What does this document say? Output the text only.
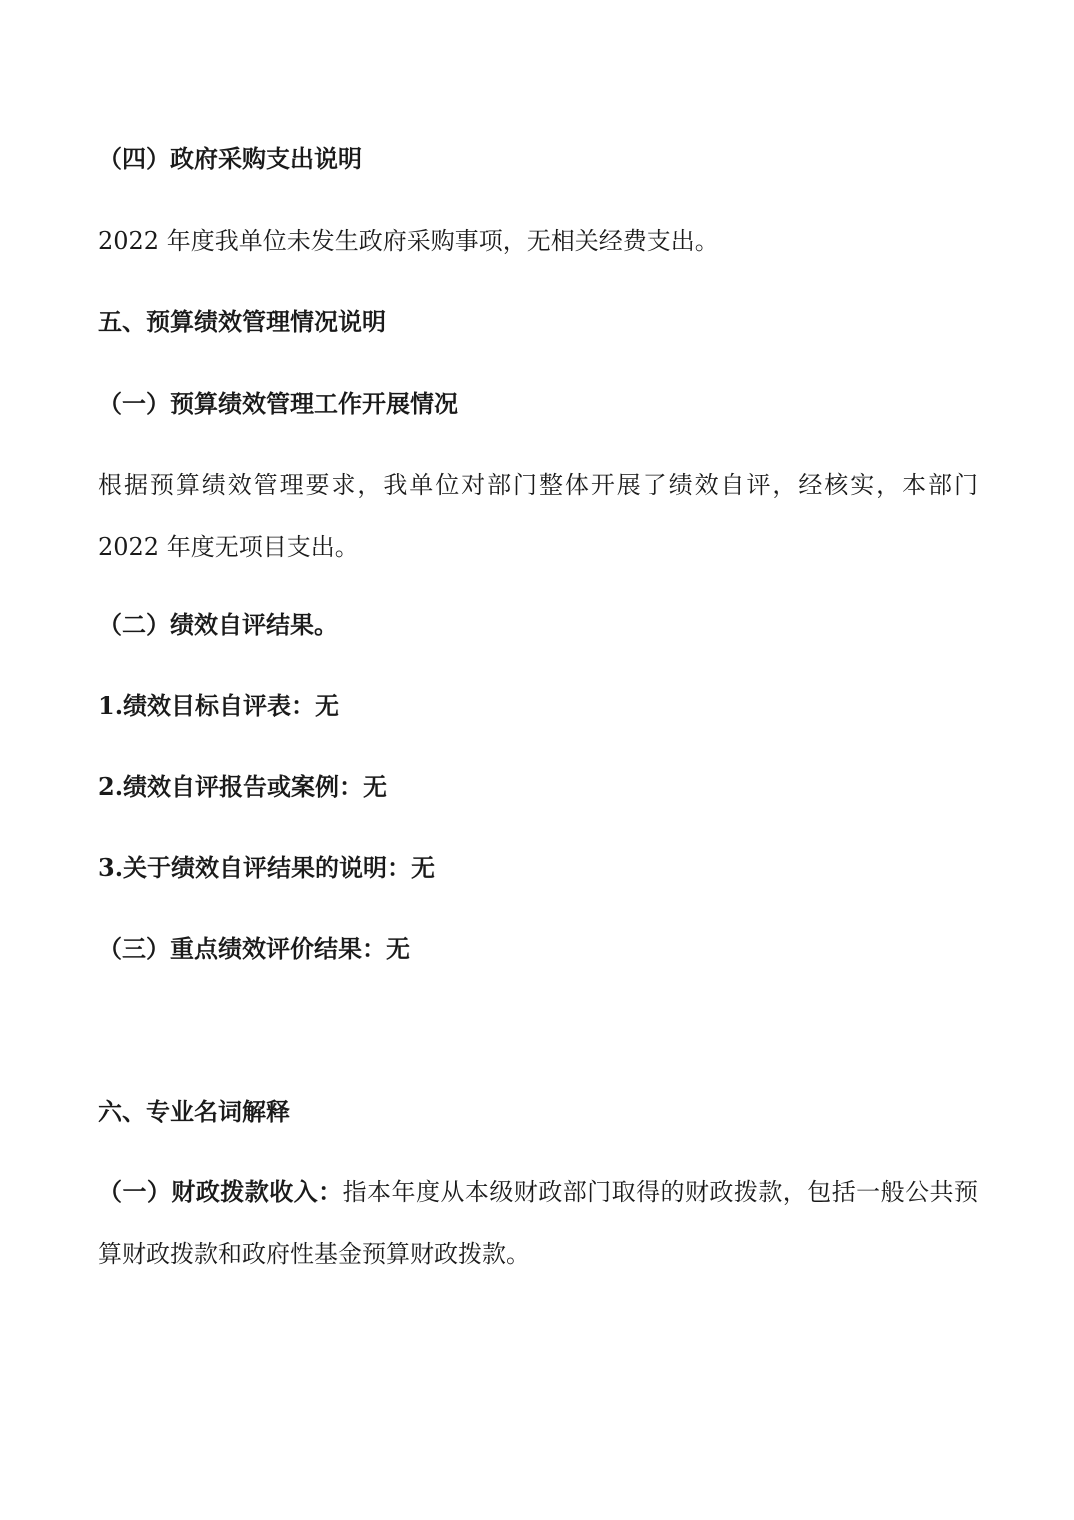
（四）政府采购支出说明
2022 年度我单位未发生政府采购事项，无相关经费支出。
五、预算绩效管理情况说明
（一）预算绩效管理工作开展情况
根据预算绩效管理要求，我单位对部门整体开展了绩效自评，经核实，本部门 2022 年度无项目支出。
（二）绩效自评结果。
1.绩效目标自评表：无
2.绩效自评报告或案例：无
3.关于绩效自评结果的说明：无
（三）重点绩效评价结果：无
六、专业名词解释
（一）财政拨款收入：指本年度从本级财政部门取得的财政拨款，包括一般公共预算财政拨款和政府性基金预算财政拨款。
